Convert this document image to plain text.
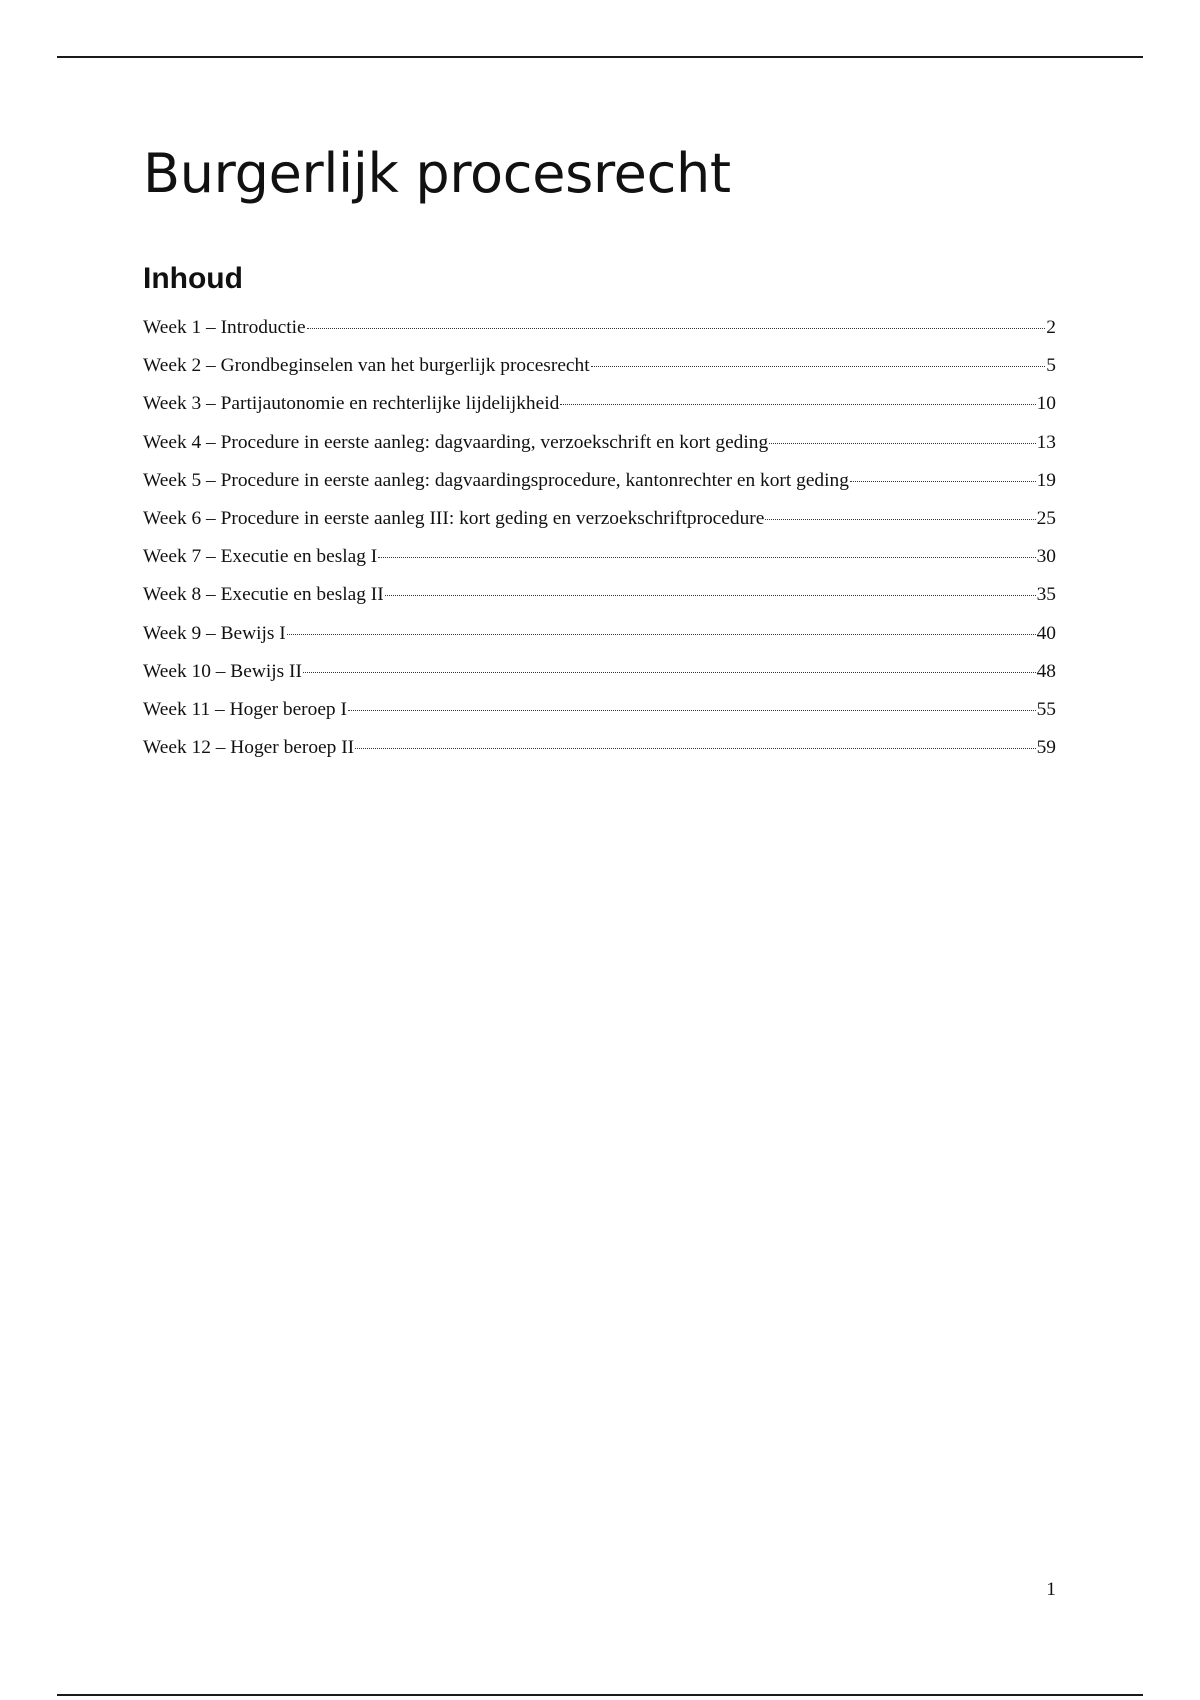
Burgerlijk procesrecht
Inhoud
Week 1 – Introductie	2
Week 2 – Grondbeginselen van het burgerlijk procesrecht	5
Week 3 – Partijautonomie en rechterlijke lijdelijkheid	10
Week 4 – Procedure in eerste aanleg: dagvaarding, verzoekschrift en kort geding	13
Week 5 – Procedure in eerste aanleg: dagvaardingsprocedure, kantonrechter en kort geding	19
Week 6 – Procedure in eerste aanleg III: kort geding en verzoekschriftprocedure	25
Week 7 – Executie en beslag I	30
Week 8 – Executie en beslag II	35
Week 9 – Bewijs I	40
Week 10 – Bewijs II	48
Week 11 – Hoger beroep I	55
Week 12 – Hoger beroep II	59
1
